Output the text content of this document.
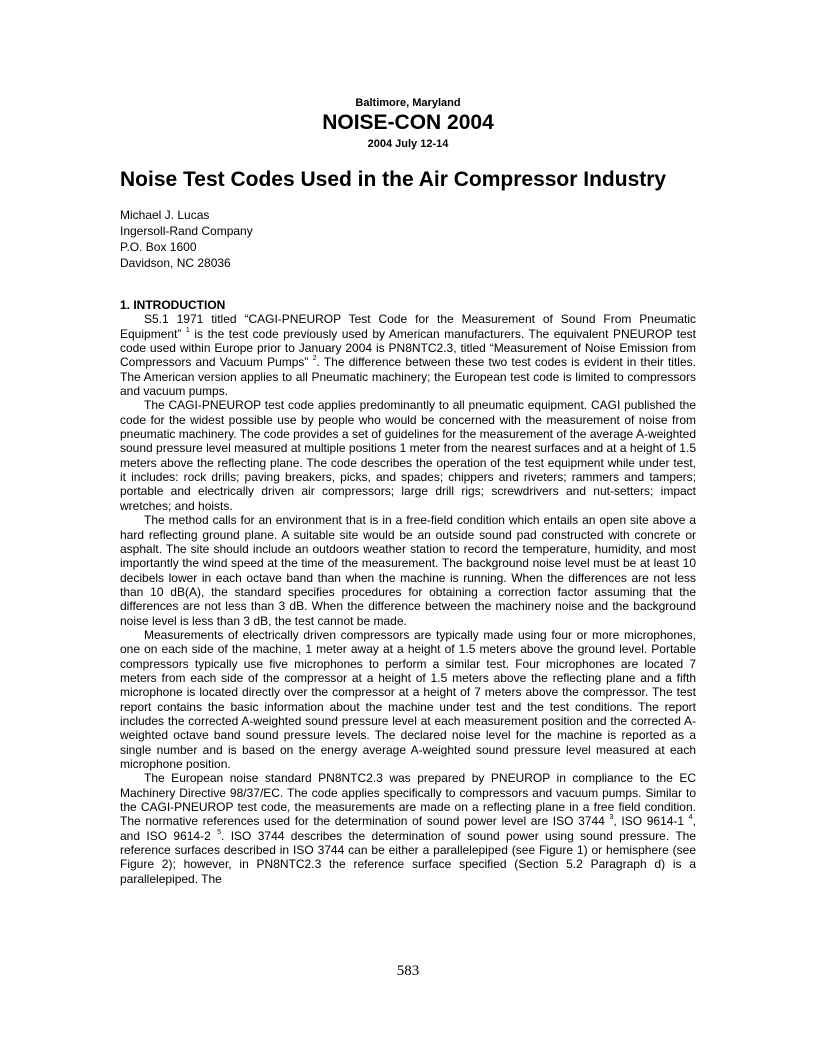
Baltimore, Maryland
NOISE-CON 2004
2004 July 12-14
Noise Test Codes Used in the Air Compressor Industry
Michael J. Lucas
Ingersoll-Rand Company
P.O. Box 1600
Davidson, NC 28036

1. INTRODUCTION

S5.1 1971 titled “CAGI-PNEUROP Test Code for the Measurement of Sound From Pneumatic Equipment” $^1$ is the test code previously used by American manufacturers. The equivalent PNEUROP test code used within Europe prior to January 2004 is PN8NTC2.3, titled “Measurement of Noise Emission from Compressors and Vacuum Pumps” $^2$. The difference between these two test codes is evident in their titles. The American version applies to all Pneumatic machinery; the European test code is limited to compressors and vacuum pumps.

The CAGI-PNEUROP test code applies predominantly to all pneumatic equipment. CAGI published the code for the widest possible use by people who would be concerned with the measurement of noise from pneumatic machinery. The code provides a set of guidelines for the measurement of the average A-weighted sound pressure level measured at multiple positions 1 meter from the nearest surfaces and at a height of 1.5 meters above the reflecting plane. The code describes the operation of the test equipment while under test, it includes: rock drills; paving breakers, picks, and spades; chippers and riveters; rammers and tampers; portable and electrically driven air compressors; large drill rigs; screwdrivers and nut-setters; impact wretches; and hoists.

The method calls for an environment that is in a free-field condition which entails an open site above a hard reflecting ground plane. A suitable site would be an outside sound pad constructed with concrete or asphalt. The site should include an outdoors weather station to record the temperature, humidity, and most importantly the wind speed at the time of the measurement. The background noise level must be at least 10 decibels lower in each octave band than when the machine is running. When the differences are not less than 10 dB(A), the standard specifies procedures for obtaining a correction factor assuming that the differences are not less than 3 dB. When the difference between the machinery noise and the background noise level is less than 3 dB, the test cannot be made.

Measurements of electrically driven compressors are typically made using four or more microphones, one on each side of the machine, 1 meter away at a height of 1.5 meters above the ground level. Portable compressors typically use five microphones to perform a similar test. Four microphones are located 7 meters from each side of the compressor at a height of 1.5 meters above the reflecting plane and a fifth microphone is located directly over the compressor at a height of 7 meters above the compressor. The test report contains the basic information about the machine under test and the test conditions. The report includes the corrected A-weighted sound pressure level at each measurement position and the corrected A-weighted octave band sound pressure levels. The declared noise level for the machine is reported as a single number and is based on the energy average A-weighted sound pressure level measured at each microphone position.

The European noise standard PN8NTC2.3 was prepared by PNEUROP in compliance to the EC Machinery Directive 98/37/EC. The code applies specifically to compressors and vacuum pumps. Similar to the CAGI-PNEUROP test code, the measurements are made on a reflecting plane in a free field condition. The normative references used for the determination of sound power level are ISO 3744 $^3$, ISO 9614-1 $^4$, and ISO 9614-2 $^5$. ISO 3744 describes the determination of sound power using sound pressure. The reference surfaces described in ISO 3744 can be either a parallelepiped (see Figure 1) or hemisphere (see Figure 2); however, in PN8NTC2.3 the reference surface specified (Section 5.2 Paragraph d) is a parallelepiped. The

583
